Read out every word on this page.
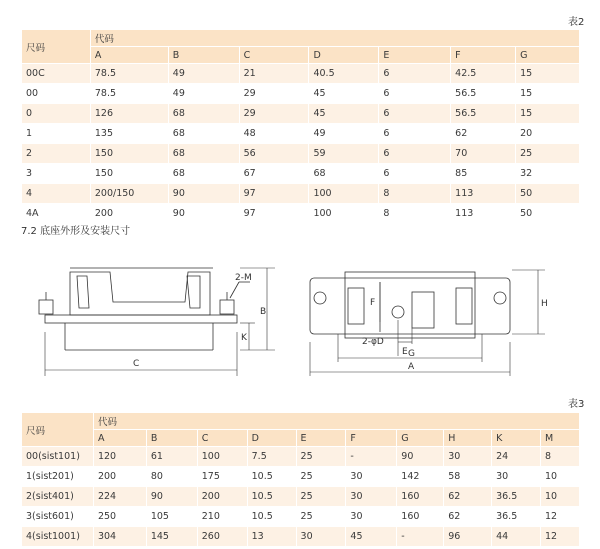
表2
尺码	代码						
	A	B	C	D	E	F	G
00C	78.5	49	21	40.5	6	42.5	15
00	78.5	49	29	45	6	56.5	15
0	126	68	29	45	6	56.5	15
1	135	68	48	49	6	62	20
2	150	68	56	59	6	70	25
3	150	68	67	68	6	85	32
4	200/150	90	97	100	8	113	50
4A	200	90	97	100	8	113	50
7.2 底座外形及安装尺寸
2-M
B
K
C
H
F
E
2-φD
G
A
表3
尺码	代码									
	A	B	C	D	E	F	G	H	K	M
00(sist101)	120	61	100	7.5	25	-	90	30	24	8
1(sist201)	200	80	175	10.5	25	30	142	58	30	10
2(sist401)	224	90	200	10.5	25	30	160	62	36.5	10
3(sist601)	250	105	210	10.5	25	30	160	62	36.5	12
4(sist1001)	304	145	260	13	30	45	-	96	44	12
